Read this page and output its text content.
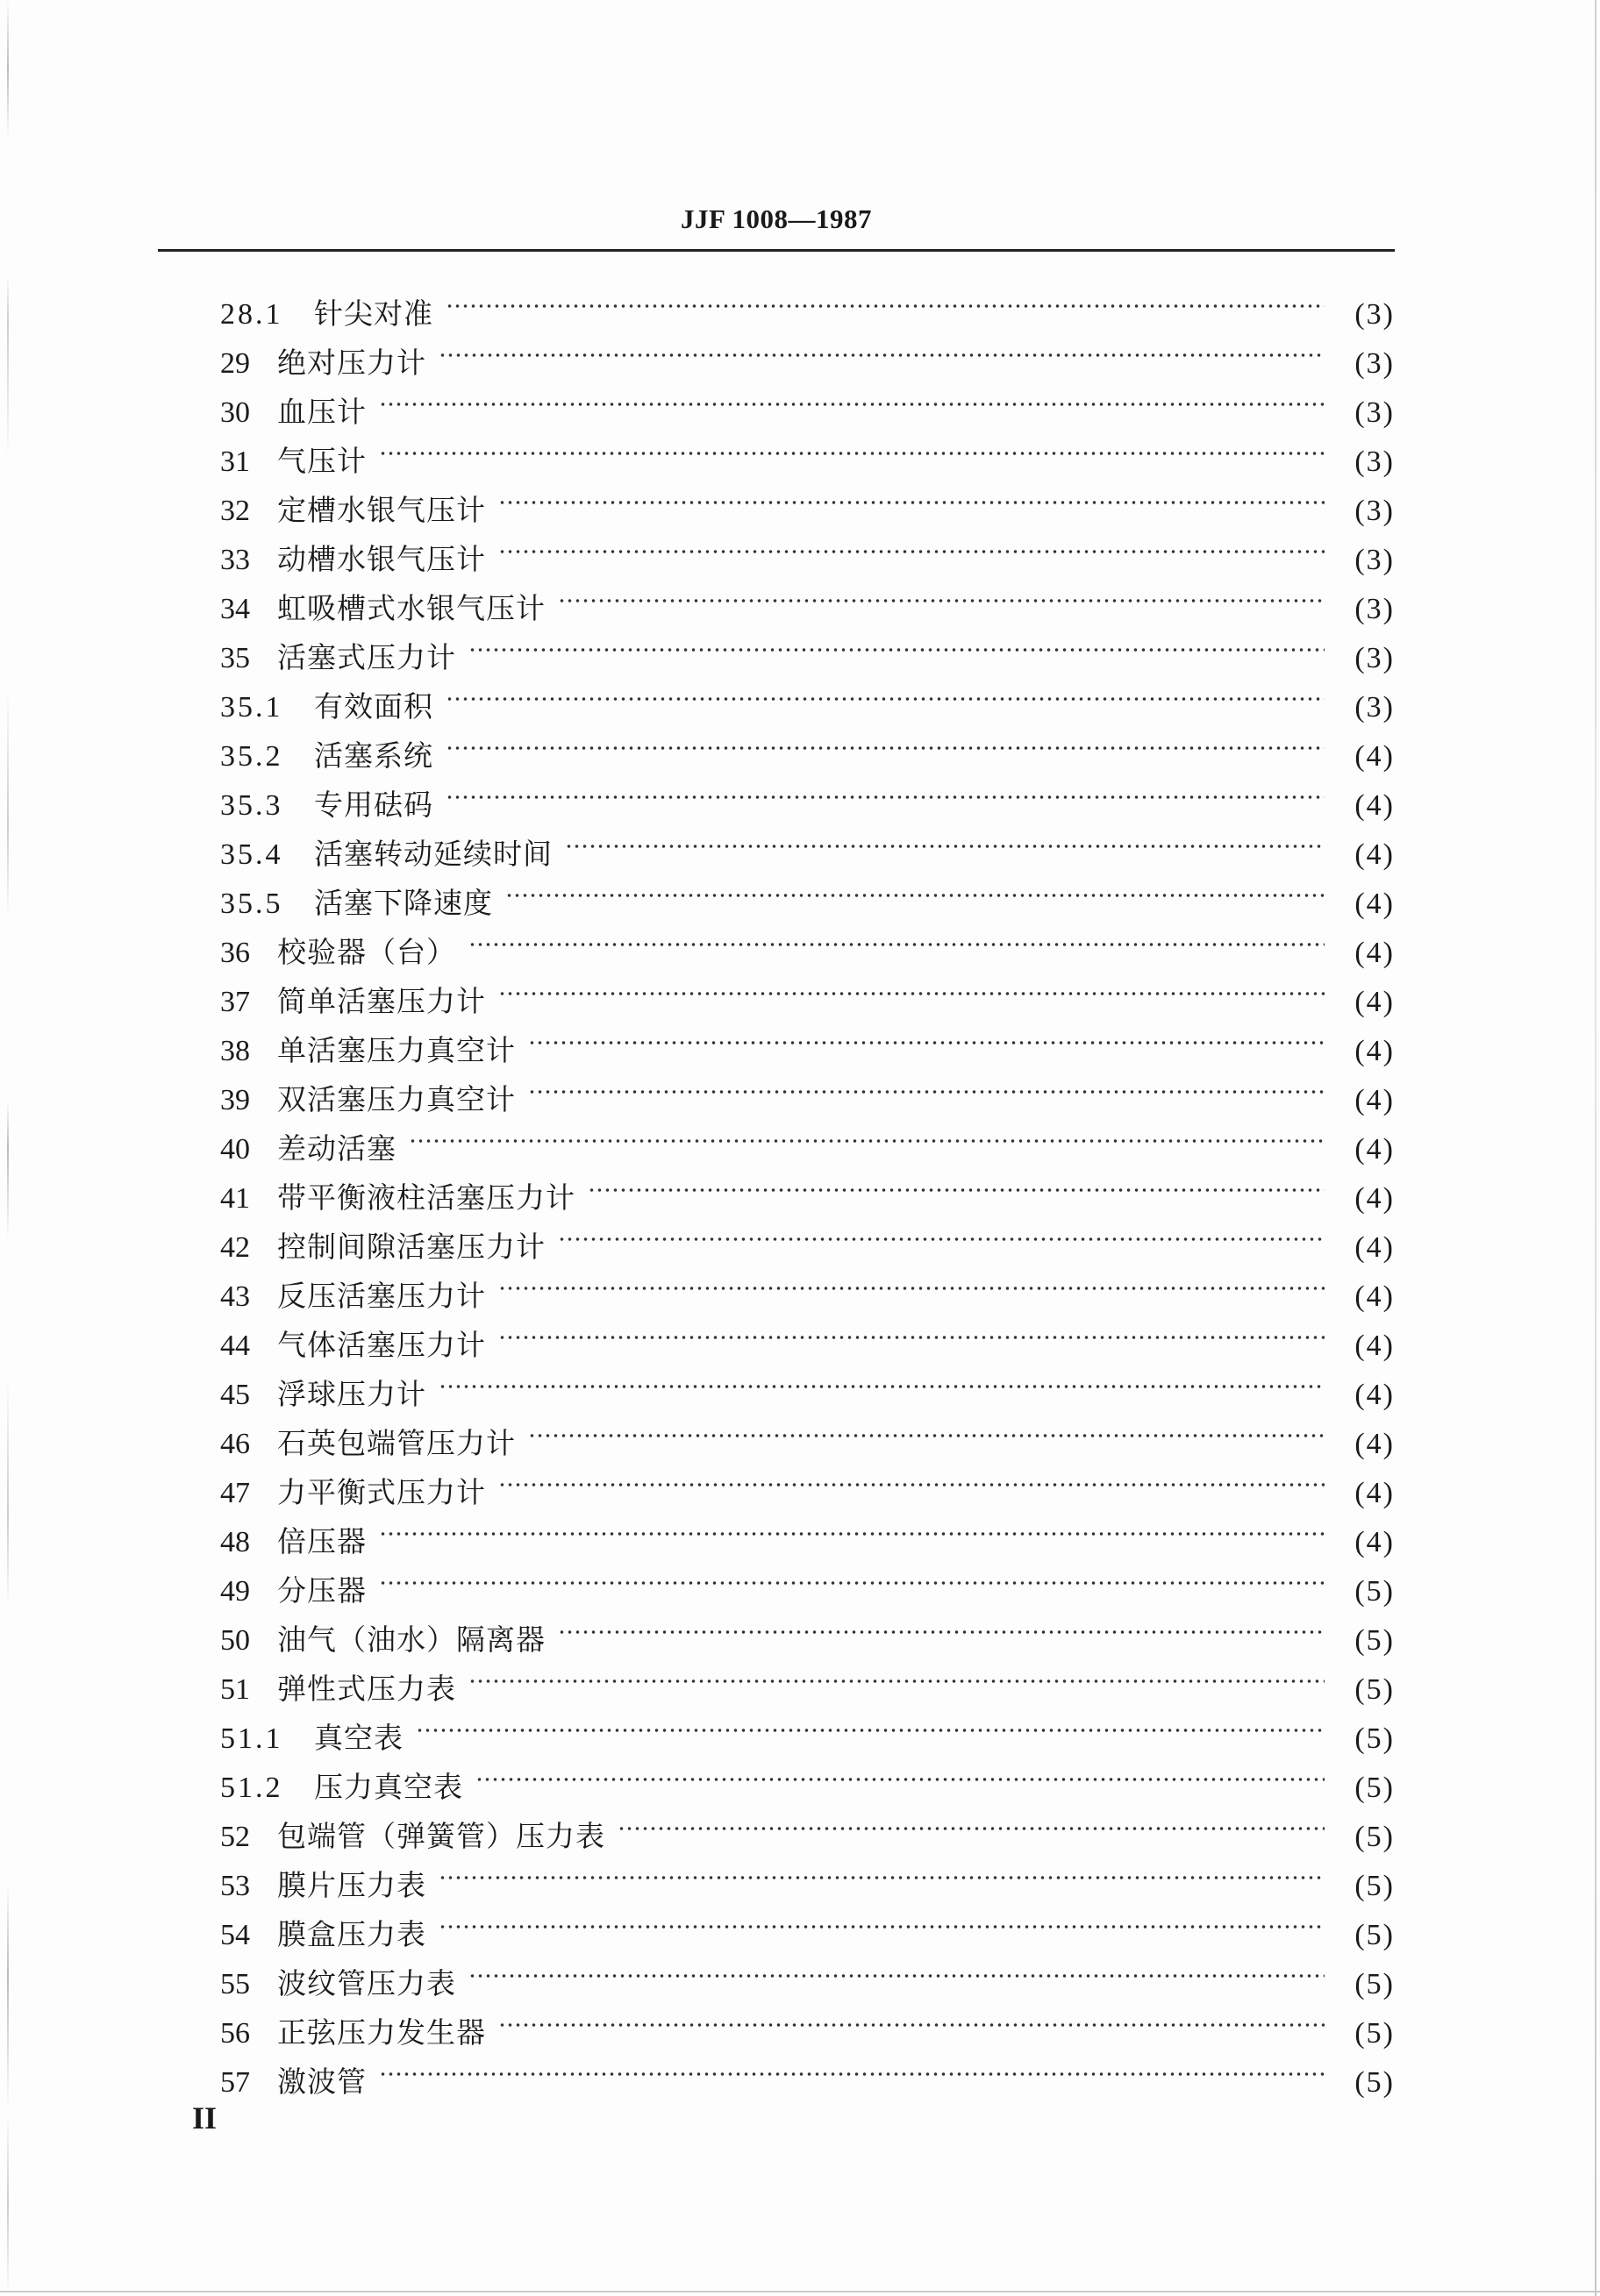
JJF 1008—1987
28.1	针尖对准	(3)
29 绝对压力计	(3)
30 血压计	(3)
31 气压计	(3)
32 定槽水银气压计	(3)
33 动槽水银气压计	(3)
34 虹吸槽式水银气压计	(3)
35 活塞式压力计	(3)
35.1	有效面积	(3)
35.2	活塞系统	(4)
35.3	专用砝码	(4)
35.4	活塞转动延续时间	(4)
35.5	活塞下降速度	(4)
36 校验器（台）	(4)
37 简单活塞压力计	(4)
38 单活塞压力真空计	(4)
39 双活塞压力真空计	(4)
40 差动活塞	(4)
41 带平衡液柱活塞压力计	(4)
42 控制间隙活塞压力计	(4)
43 反压活塞压力计	(4)
44 气体活塞压力计	(4)
45 浮球压力计	(4)
46 石英包端管压力计	(4)
47 力平衡式压力计	(4)
48 倍压器	(4)
49 分压器	(5)
50 油气（油水）隔离器	(5)
51 弹性式压力表	(5)
51.1	真空表	(5)
51.2	压力真空表	(5)
52 包端管（弹簧管）压力表	(5)
53 膜片压力表	(5)
54 膜盒压力表	(5)
55 波纹管压力表	(5)
56 正弦压力发生器	(5)
57 激波管	(5)
II
